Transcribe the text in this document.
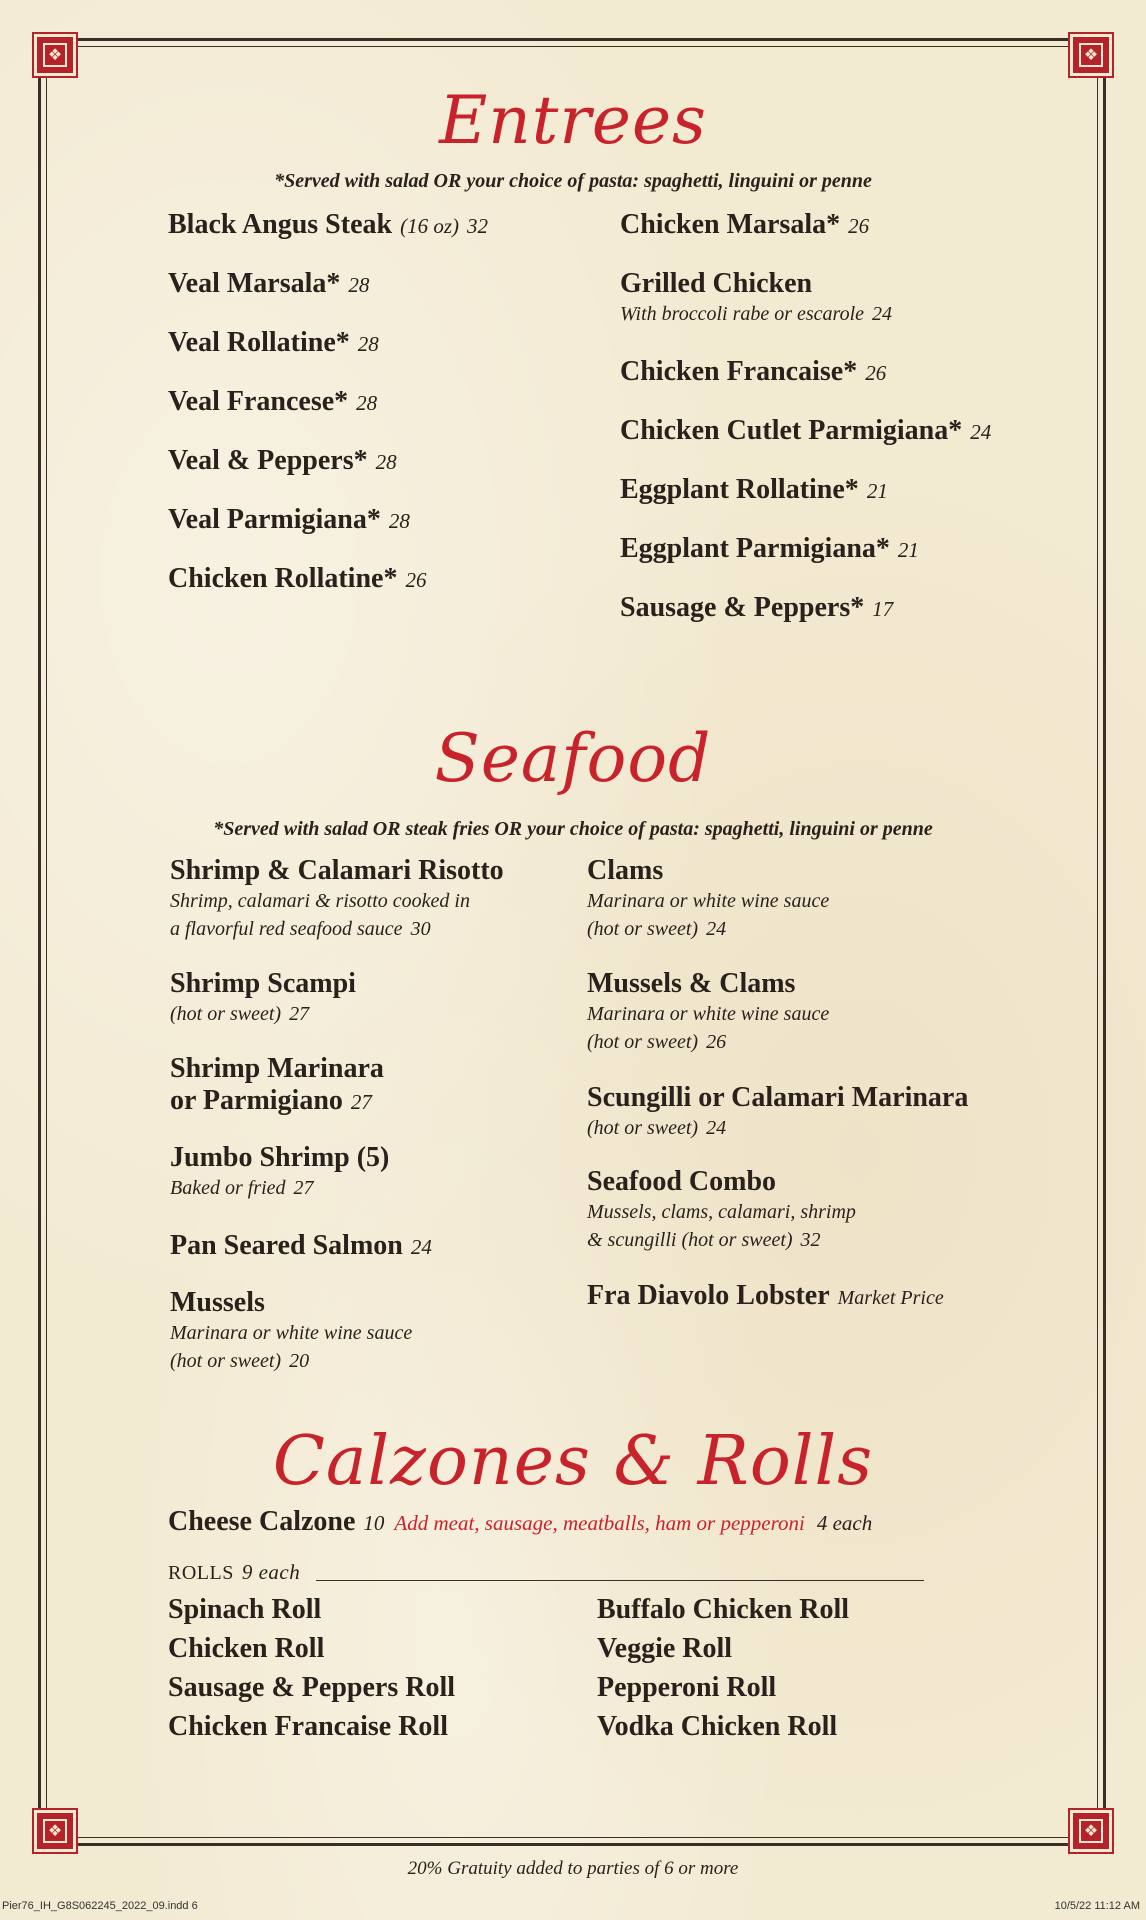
❖	❖
❖	❖
Entrees
*Served with salad OR your choice of pasta: spaghetti, linguini or penne
Black Angus Steak (16 oz) 32
Veal Marsala* 28
Veal Rollatine* 28
Veal Francese* 28
Veal & Peppers* 28
Veal Parmigiana* 28
Chicken Rollatine* 26
Chicken Marsala* 26
Grilled Chicken
With broccoli rabe or escarole 24
Chicken Francaise* 26
Chicken Cutlet Parmigiana* 24
Eggplant Rollatine* 21
Eggplant Parmigiana* 21
Sausage & Peppers* 17
Seafood
*Served with salad OR steak fries OR your choice of pasta: spaghetti, linguini or penne
Shrimp & Calamari Risotto
Shrimp, calamari & risotto cooked in
a flavorful red seafood sauce 30
Shrimp Scampi
(hot or sweet) 27
Shrimp Marinara
or Parmigiano 27
Jumbo Shrimp (5)
Baked or fried 27
Pan Seared Salmon 24
Mussels
Marinara or white wine sauce
(hot or sweet) 20
Clams
Marinara or white wine sauce
(hot or sweet) 24
Mussels & Clams
Marinara or white wine sauce
(hot or sweet) 26
Scungilli or Calamari Marinara
(hot or sweet) 24
Seafood Combo
Mussels, clams, calamari, shrimp
& scungilli (hot or sweet) 32
Fra Diavolo Lobster Market Price
Calzones & Rolls
Cheese Calzone 10 Add meat, sausage, meatballs, ham or pepperoni 4 each
ROLLS 9 each
Spinach Roll
Chicken Roll
Sausage & Peppers Roll
Chicken Francaise Roll
Buffalo Chicken Roll
Veggie Roll
Pepperoni Roll
Vodka Chicken Roll
20% Gratuity added to parties of 6 or more
Pier76_IH_G8S062245_2022_09.indd 6	10/5/22 11:12 AM
